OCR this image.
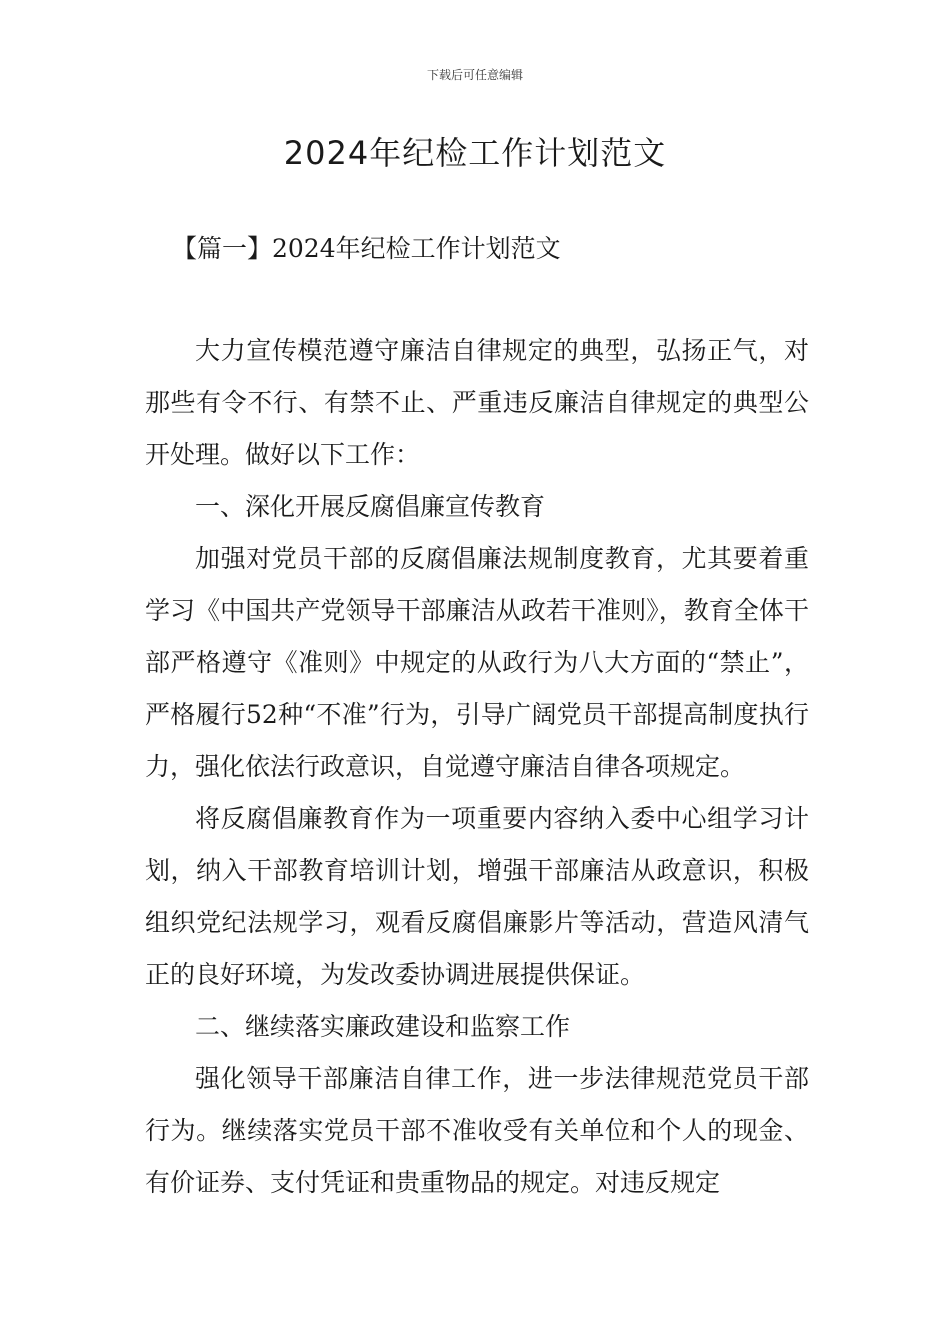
下载后可任意编辑
2024年纪检工作计划范文
【篇一】2024年纪检工作计划范文

大力宣传模范遵守廉洁自律规定的典型，弘扬正气，对那些有令不行、有禁不止、严重违反廉洁自律规定的典型公开处理。做好以下工作：

一、深化开展反腐倡廉宣传教育

加强对党员干部的反腐倡廉法规制度教育，尤其要着重学习《中国共产党领导干部廉洁从政若干准则》，教育全体干部严格遵守《准则》中规定的从政行为八大方面的“禁止”，严格履行52种“不准”行为，引导广阔党员干部提高制度执行力，强化依法行政意识，自觉遵守廉洁自律各项规定。

将反腐倡廉教育作为一项重要内容纳入委中心组学习计划，纳入干部教育培训计划，增强干部廉洁从政意识，积极组织党纪法规学习，观看反腐倡廉影片等活动，营造风清气正的良好环境，为发改委协调进展提供保证。

二、继续落实廉政建设和监察工作

强化领导干部廉洁自律工作，进一步法律规范党员干部行为。继续落实党员干部不准收受有关单位和个人的现金、有价证券、支付凭证和贵重物品的规定。对违反规定
